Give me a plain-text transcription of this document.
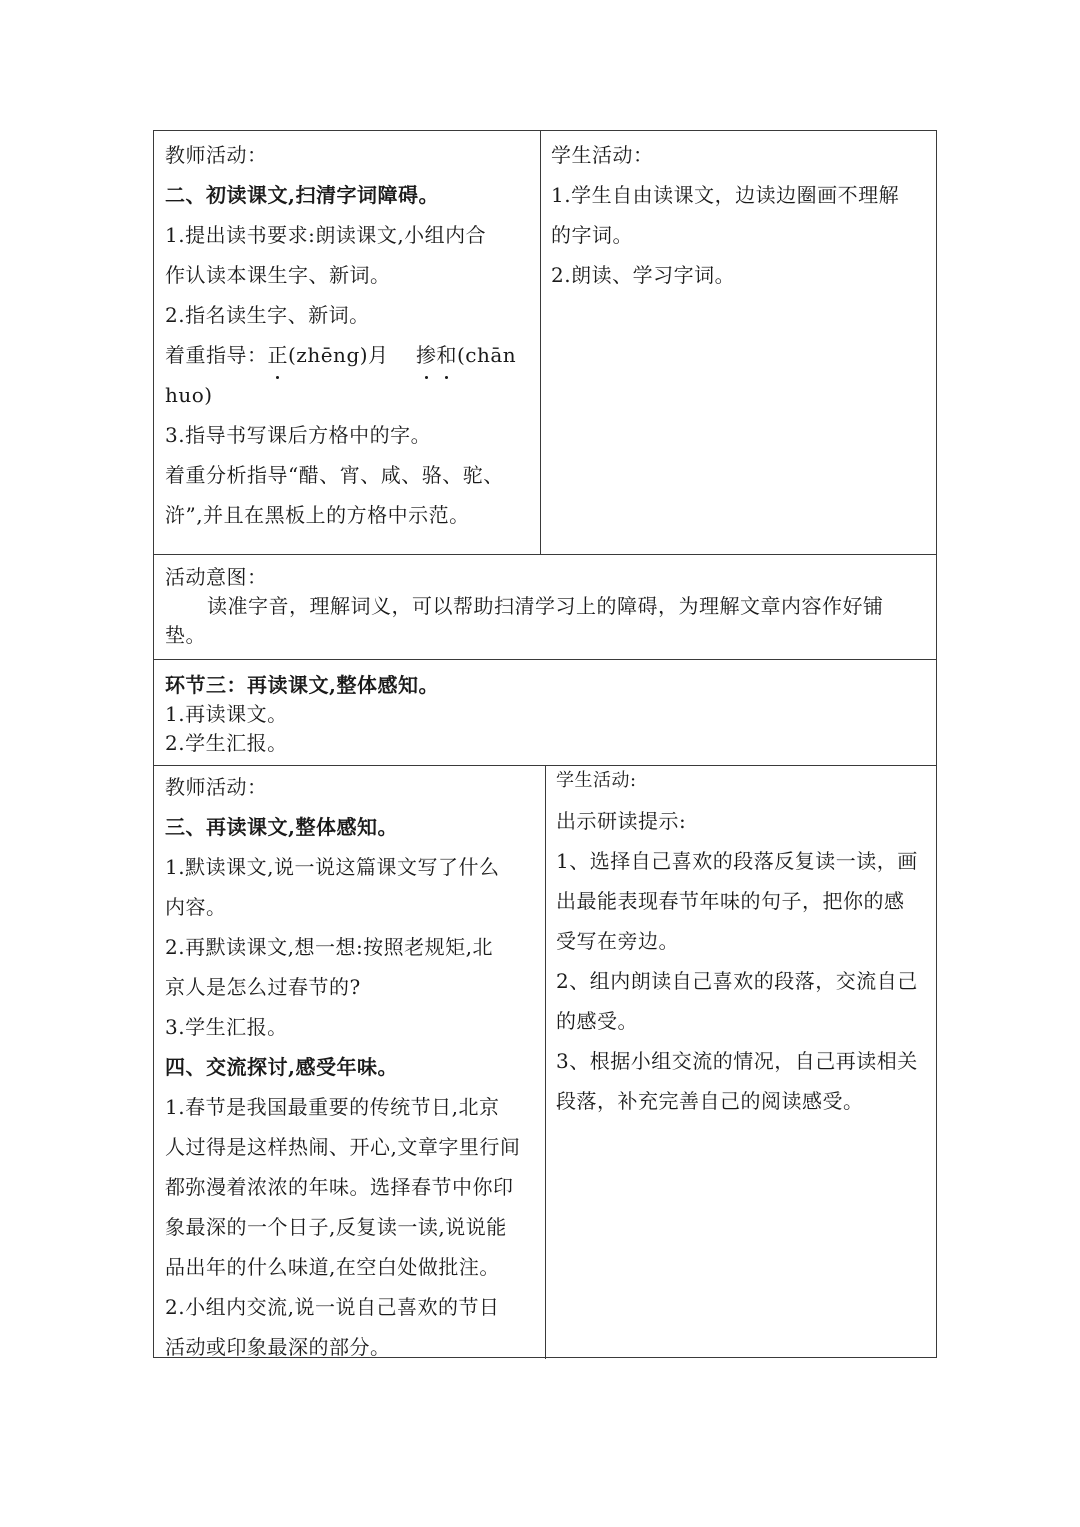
教师活动：
二、初读课文,扫清字词障碍。
1.提出读书要求:朗读课文,小组内合
作认读本课生字、新词。
2.指名读生字、新词。
着重指导：正(zhēng)月 掺和(chān
huo)
3.指导书写课后方格中的字。
着重分析指导“醋、宵、咸、骆、驼、
浒”,并且在黑板上的方格中示范。
学生活动：
1.学生自由读课文，边读边圈画不理解
的字词。
2.朗读、学习字词。
活动意图：
读准字音，理解词义，可以帮助扫清学习上的障碍，为理解文章内容作好铺
垫。
环节三：再读课文,整体感知。
1.再读课文。
2.学生汇报。
教师活动：
三、再读课文,整体感知。
1.默读课文,说一说这篇课文写了什么
内容。
2.再默读课文,想一想:按照老规矩,北
京人是怎么过春节的?
3.学生汇报。
四、交流探讨,感受年味。
1.春节是我国最重要的传统节日,北京
人过得是这样热闹、开心,文章字里行间
都弥漫着浓浓的年味。选择春节中你印
象最深的一个日子,反复读一读,说说能
品出年的什么味道,在空白处做批注。
2.小组内交流,说一说自己喜欢的节日
活动或印象最深的部分。
学生活动:
出示研读提示:
1、选择自己喜欢的段落反复读一读，画
出最能表现春节年味的句子，把你的感
受写在旁边。
2、组内朗读自己喜欢的段落，交流自己
的感受。
3、根据小组交流的情况，自己再读相关
段落，补充完善自己的阅读感受。
